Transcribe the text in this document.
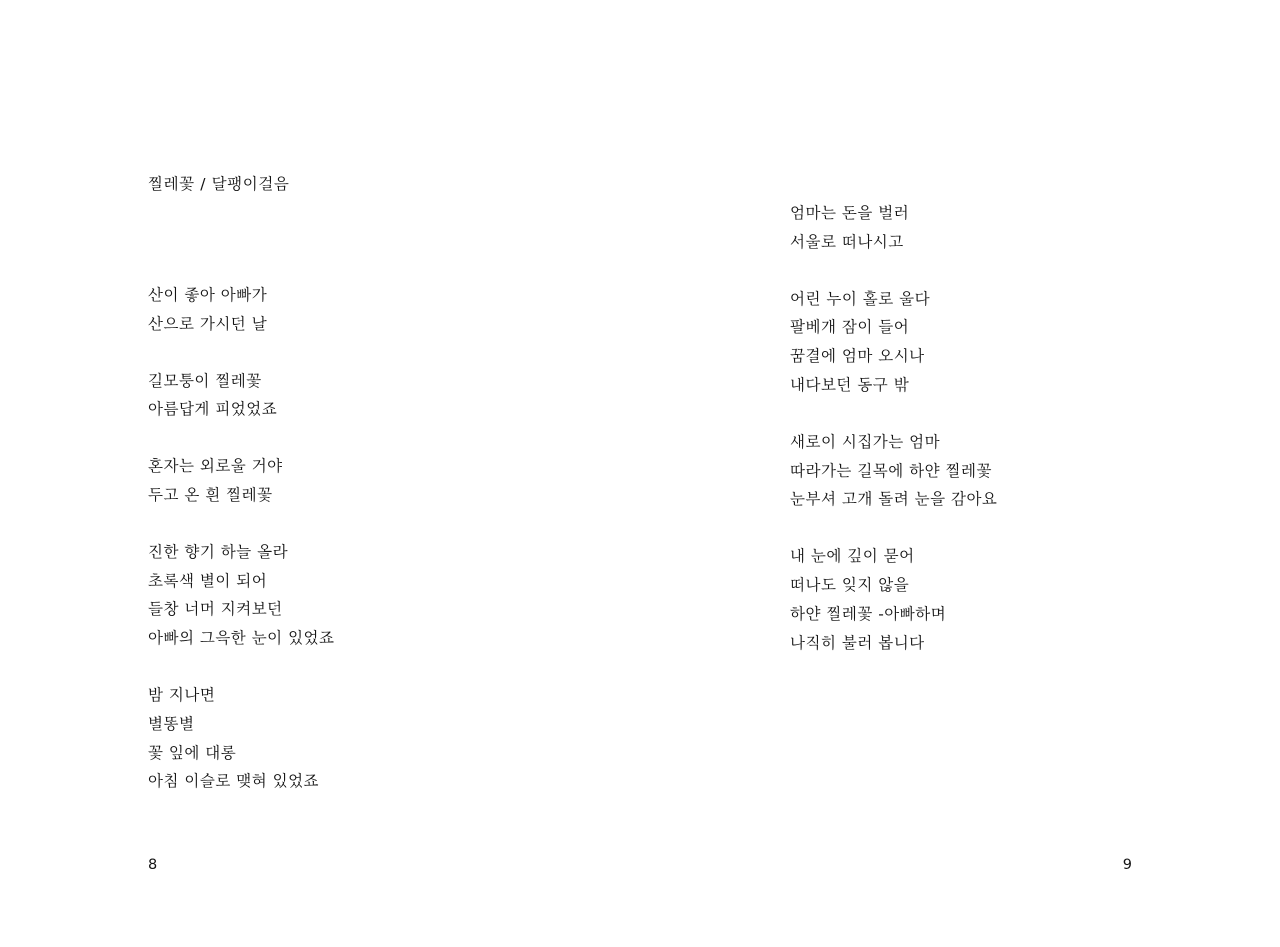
찔레꽃 / 달팽이걸음
산이 좋아 아빠가
산으로 가시던 날
길모퉁이 찔레꽃
아름답게 피었었죠
혼자는 외로울 거야
두고 온 흰 찔레꽃
진한 향기 하늘 올라
초록색 별이 되어
들창 너머 지켜보던
아빠의 그윽한 눈이 있었죠
밤 지나면
별똥별
꽃 잎에 대롱
아침 이슬로 맺혀 있었죠
8
엄마는 돈을 벌러
서울로 떠나시고
어린 누이 홀로 울다
팔베개 잠이 들어
꿈결에 엄마 오시나
내다보던 동구 밖
새로이 시집가는 엄마
따라가는 길목에 하얀 찔레꽃
눈부셔 고개 돌려 눈을 감아요
내 눈에 깊이 묻어
떠나도 잊지 않을
하얀 찔레꽃 -아빠하며
나직히 불러 봅니다
9
